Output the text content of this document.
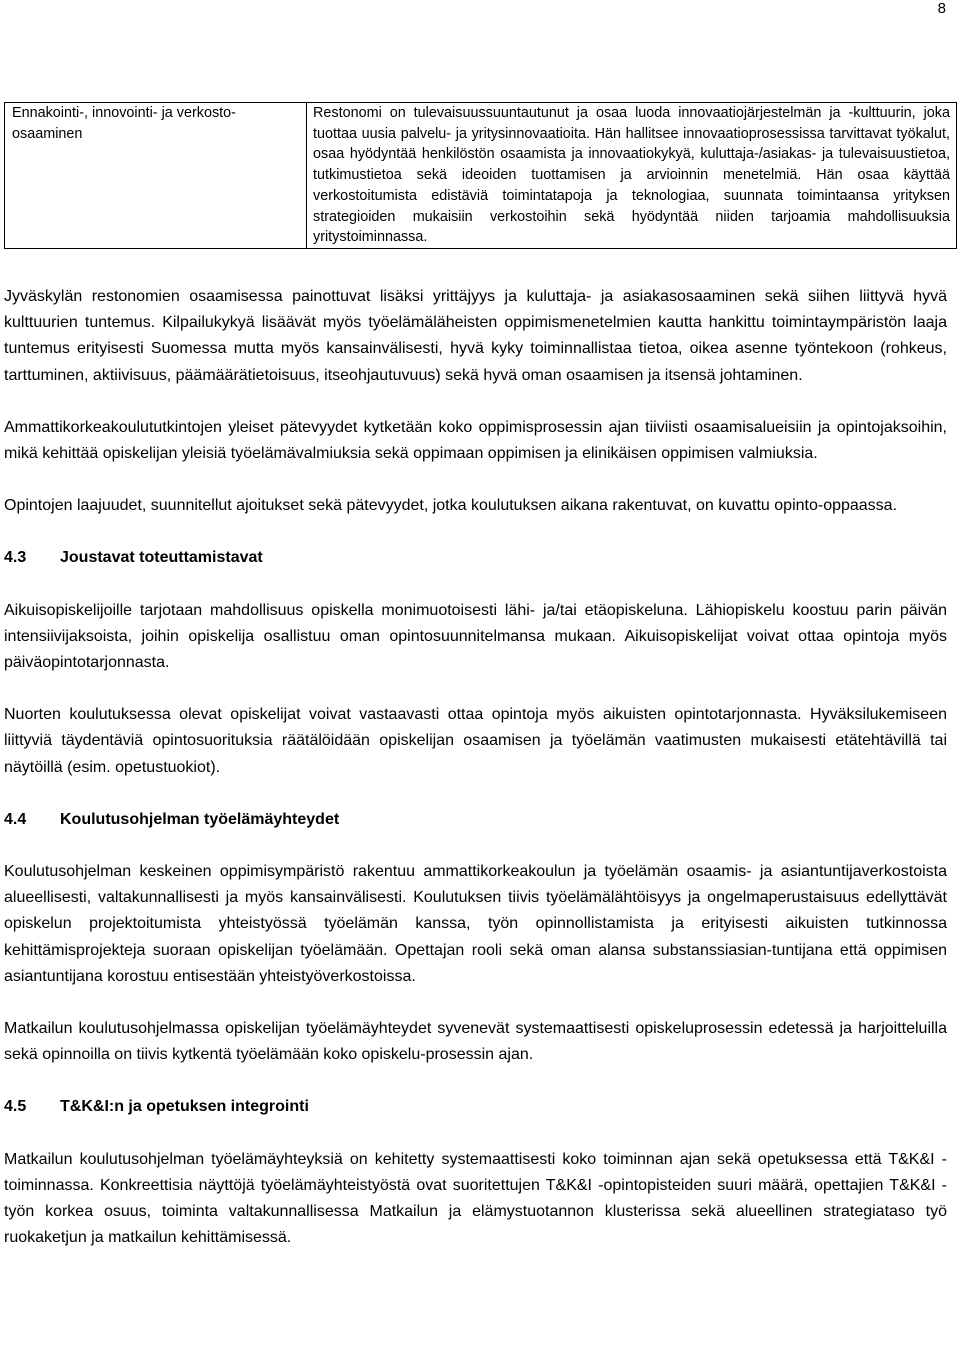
8
Ennakointi-, innovointi- ja verkostoosaaminen	Restonomi on tulevaisuussuuntautunut ja osaa luoda innovaatiojärjestelmän ja -kulttuurin, joka tuottaa uusia palvelu- ja yritysinnovaatioita. Hän hallitsee innovaatioprosessissa tarvittavat työkalut, osaa hyödyntää henkilöstön osaamista ja innovaatiokykyä, kuluttaja-/asiakas- ja tulevaisuustietoa, tutkimustietoa sekä ideoiden tuottamisen ja arvioinnin menetelmiä. Hän osaa käyttää verkostoitumista edistäviä toimintatapoja ja teknologiaa, suunnata toimintaansa yrityksen strategioiden mukaisiin verkostoihin sekä hyödyntää niiden tarjoamia mahdollisuuksia yritystoiminnassa.

Jyväskylän restonomien osaamisessa painottuvat lisäksi yrittäjyys ja kuluttaja- ja asiakasosaaminen sekä siihen liittyvä hyvä kulttuurien tuntemus. Kilpailukykyä lisäävät myös työelämäläheisten oppimismenetelmien kautta hankittu toimintaympäristön laaja tuntemus erityisesti Suomessa mutta myös kansainvälisesti, hyvä kyky toiminnallistaa tietoa, oikea asenne työntekoon (rohkeus, tarttuminen, aktiivisuus, päämäärätietoisuus, itseohjautuvuus) sekä hyvä oman osaamisen ja itsensä johtaminen.

Ammattikorkeakoulututkintojen yleiset pätevyydet kytketään koko oppimisprosessin ajan tiiviisti osaamisalueisiin ja opintojaksoihin, mikä kehittää opiskelijan yleisiä työelämävalmiuksia sekä oppimaan oppimisen ja elinikäisen oppimisen valmiuksia.

Opintojen laajuudet, suunnitellut ajoitukset sekä pätevyydet, jotka koulutuksen aikana rakentuvat, on kuvattu opinto-oppaassa.

4.3 Joustavat toteuttamistavat

Aikuisopiskelijoille tarjotaan mahdollisuus opiskella monimuotoisesti lähi- ja/tai etäopiskeluna. Lähiopiskelu koostuu parin päivän intensiivijaksoista, joihin opiskelija osallistuu oman opintosuunnitelmansa mukaan. Aikuisopiskelijat voivat ottaa opintoja myös päiväopintotarjonnasta.

Nuorten koulutuksessa olevat opiskelijat voivat vastaavasti ottaa opintoja myös aikuisten opintotarjonnasta. Hyväksilukemiseen liittyviä täydentäviä opintosuorituksia räätälöidään opiskelijan osaamisen ja työelämän vaatimusten mukaisesti etätehtävillä tai näytöillä (esim. opetustuokiot).

4.4 Koulutusohjelman työelämäyhteydet

Koulutusohjelman keskeinen oppimisympäristö rakentuu ammattikorkeakoulun ja työelämän osaamis- ja asiantuntijaverkostoista alueellisesti, valtakunnallisesti ja myös kansainvälisesti. Koulutuksen tiivis työelämälähtöisyys ja ongelmaperustaisuus edellyttävät opiskelun projektoitumista yhteistyössä työelämän kanssa, työn opinnollistamista ja erityisesti aikuisten tutkinnossa kehittämisprojekteja suoraan opiskelijan työelämään. Opettajan rooli sekä oman alansa substanssiasian-tuntijana että oppimisen asiantuntijana korostuu entisestään yhteistyöverkostoissa.

Matkailun koulutusohjelmassa opiskelijan työelämäyhteydet syvenevät systemaattisesti opiskeluprosessin edetessä ja harjoitteluilla sekä opinnoilla on tiivis kytkentä työelämään koko opiskelu-prosessin ajan.

4.5 T&K&I:n ja opetuksen integrointi

Matkailun koulutusohjelman työelämäyhteyksiä on kehitetty systemaattisesti koko toiminnan ajan sekä opetuksessa että T&K&I -toiminnassa. Konkreettisia näyttöjä työelämäyhteistyöstä ovat suoritettujen T&K&I -opintopisteiden suuri määrä, opettajien T&K&I -työn korkea osuus, toiminta valtakunnallisessa Matkailun ja elämystuotannon klusterissa sekä alueellinen strategiataso työ ruokaketjun ja matkailun kehittämisessä.
